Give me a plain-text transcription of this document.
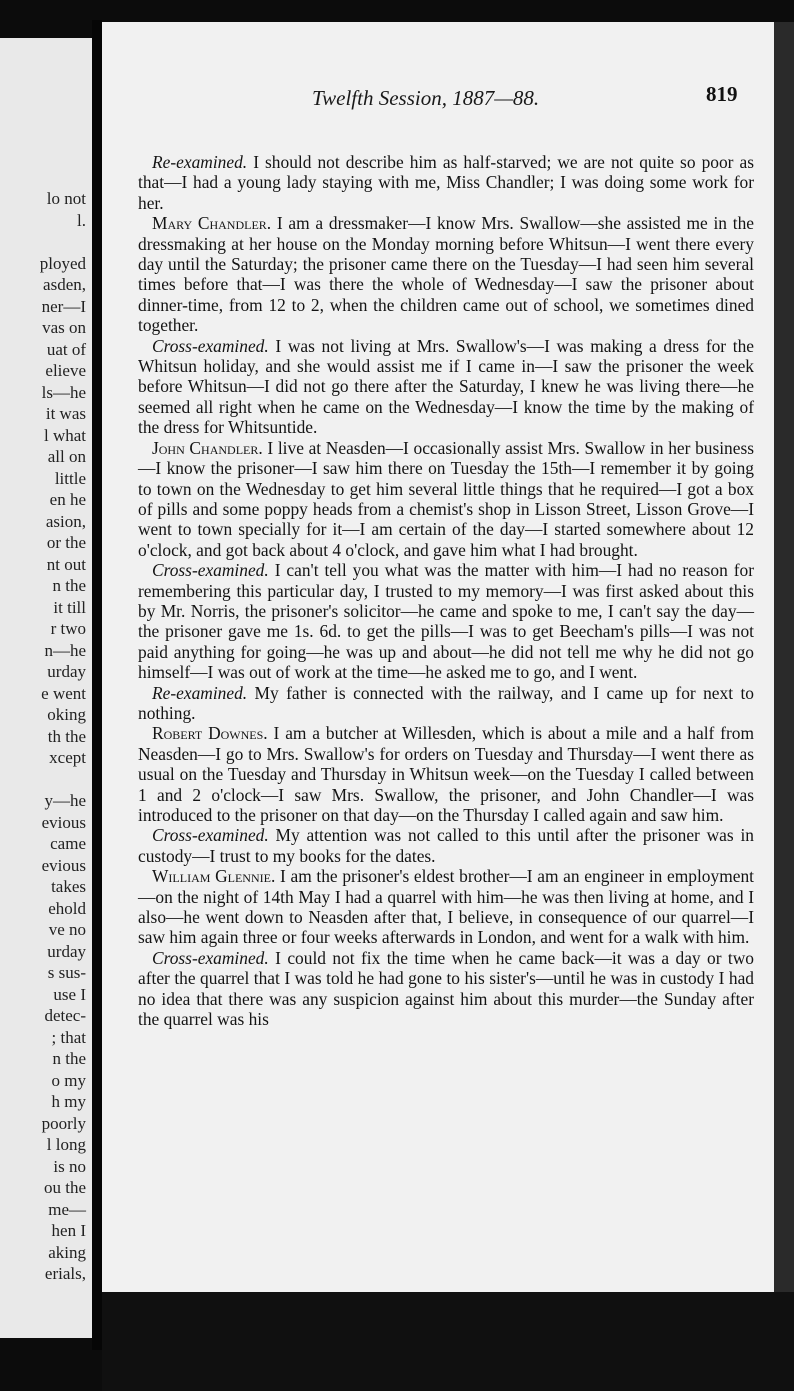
lo not
l.

ployed
asden,
ner—I
vas on
uаt of
elieve
ls—he
it was
l what
all on
little
en he
asion,
or the
nt out
n the
it till
r two
n—he
urday
e went
oking
th the
xcept

y—he
evious
came
evious
takes
ehold
ve no
urday
s sus-
use I
detec-
; that
n the
o my
h my
poorly
l long
is no
ou the
me—
hen I
aking
erials,
Twelfth Session, 1887—88.	819

Re-examined. I should not describe him as half-starved; we are not quite so poor as that—I had a young lady staying with me, Miss Chandler; I was doing some work for her.

Mary Chandler. I am a dressmaker—I know Mrs. Swallow—she assisted me in the dressmaking at her house on the Monday morning before Whitsun—I went there every day until the Saturday; the prisoner came there on the Tuesday—I had seen him several times before that—I was there the whole of Wednesday—I saw the prisoner about dinner-time, from 12 to 2, when the children came out of school, we sometimes dined together.

Cross-examined. I was not living at Mrs. Swallow's—I was making a dress for the Whitsun holiday, and she would assist me if I came in—I saw the prisoner the week before Whitsun—I did not go there after the Saturday, I knew he was living there—he seemed all right when he came on the Wednesday—I know the time by the making of the dress for Whitsuntide.

John Chandler. I live at Neasden—I occasionally assist Mrs. Swallow in her business—I know the prisoner—I saw him there on Tuesday the 15th—I remember it by going to town on the Wednesday to get him several little things that he required—I got a box of pills and some poppy heads from a chemist's shop in Lisson Street, Lisson Grove—I went to town specially for it—I am certain of the day—I started somewhere about 12 o'clock, and got back about 4 o'clock, and gave him what I had brought.

Cross-examined. I can't tell you what was the matter with him—I had no reason for remembering this particular day, I trusted to my memory—I was first asked about this by Mr. Norris, the prisoner's solicitor—he came and spoke to me, I can't say the day—the prisoner gave me 1s. 6d. to get the pills—I was to get Beecham's pills—I was not paid anything for going—he was up and about—he did not tell me why he did not go himself—I was out of work at the time—he asked me to go, and I went.

Re-examined. My father is connected with the railway, and I came up for next to nothing.

Robert Downes. I am a butcher at Willesden, which is about a mile and a half from Neasden—I go to Mrs. Swallow's for orders on Tuesday and Thursday—I went there as usual on the Tuesday and Thursday in Whitsun week—on the Tuesday I called between 1 and 2 o'clock—I saw Mrs. Swallow, the prisoner, and John Chandler—I was introduced to the prisoner on that day—on the Thursday I called again and saw him.

Cross-examined. My attention was not called to this until after the prisoner was in custody—I trust to my books for the dates.

William Glennie. I am the prisoner's eldest brother—I am an engineer in employment—on the night of 14th May I had a quarrel with him—he was then living at home, and I also—he went down to Neasden after that, I believe, in consequence of our quarrel—I saw him again three or four weeks afterwards in London, and went for a walk with him.

Cross-examined. I could not fix the time when he came back—it was a day or two after the quarrel that I was told he had gone to his sister's—until he was in custody I had no idea that there was any suspicion against him about this murder—the Sunday after the quarrel was his
